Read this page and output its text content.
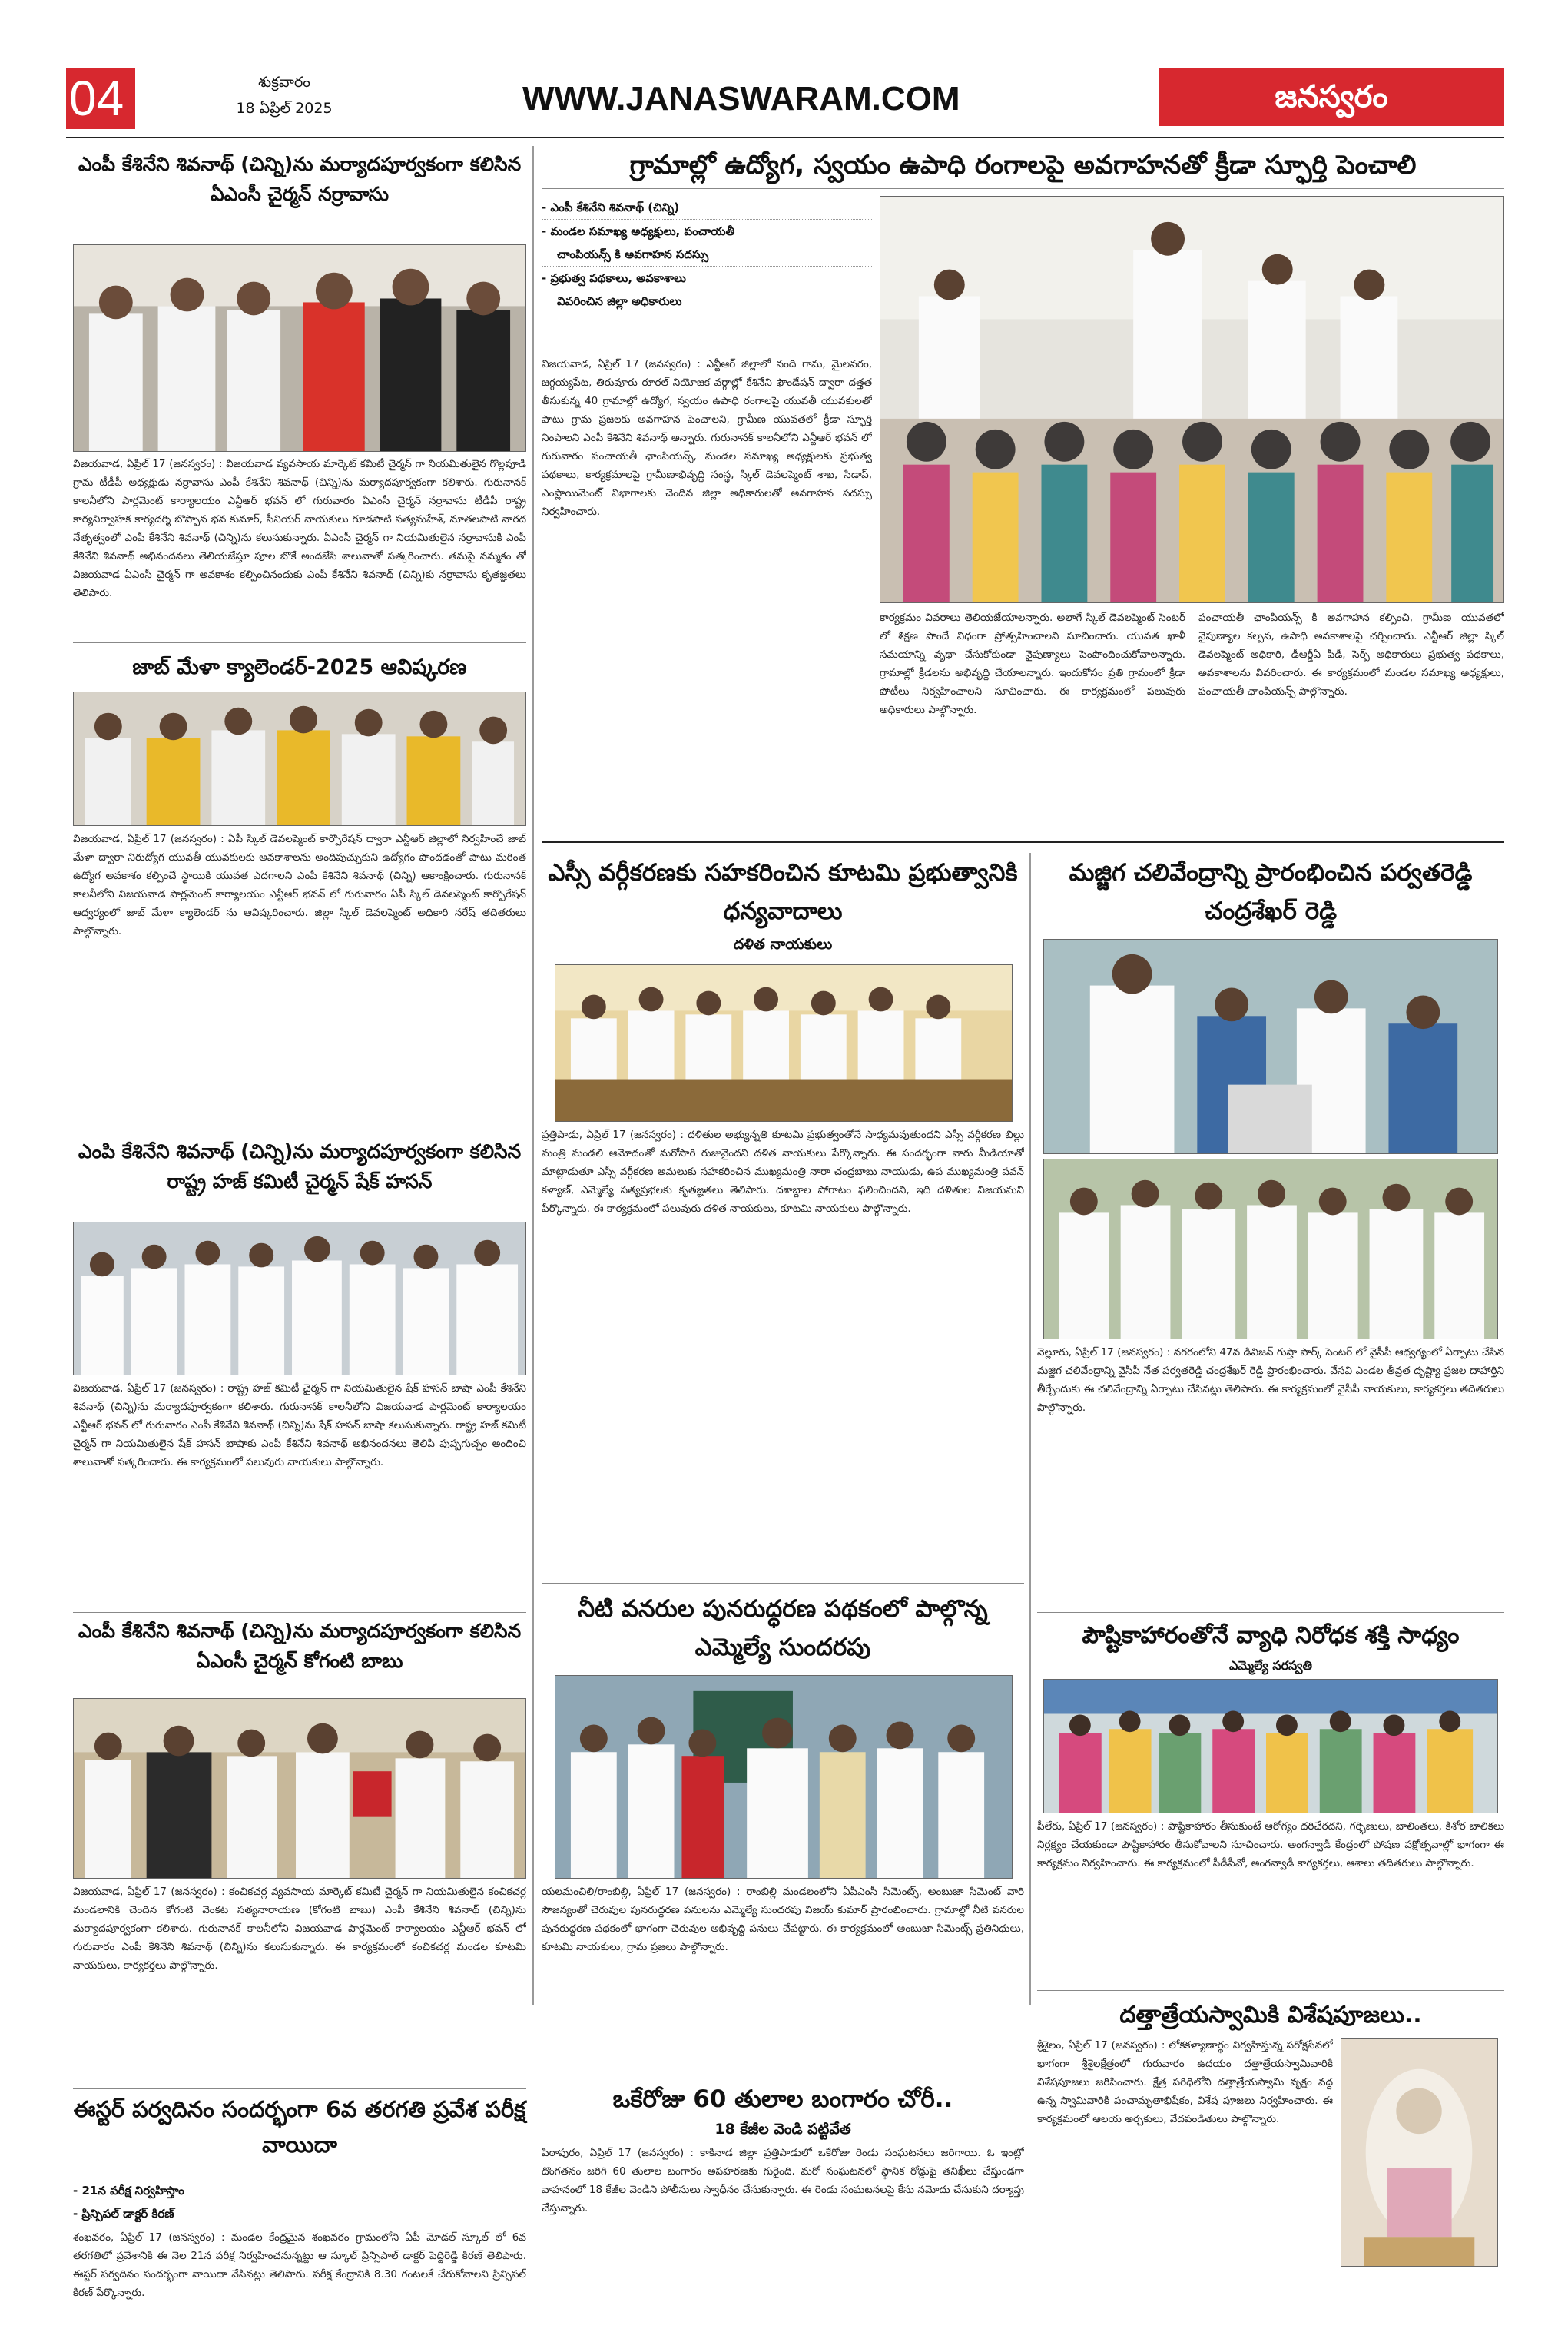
04	శుక్రవారం
18 ఏప్రిల్ 2025	WWW.JANASWARAM.COM	జనస్వరం
ఎంపీ కేశినేని శివనాథ్ (చిన్ని)ను మర్యాదపూర్వకంగా కలిసిన ఏఎంసీ చైర్మన్ నర్రావాసు
విజయవాడ, ఏప్రిల్ 17 (జనస్వరం) : విజయవాడ వ్యవసాయ మార్కెట్ కమిటీ చైర్మన్ గా నియమితులైన గొల్లపూడి గ్రామ టీడీపీ అధ్యక్షుడు నర్రావాసు ఎంపీ కేశినేని శివనాథ్ (చిన్ని)ను మర్యాదపూర్వకంగా కలిశారు. గురునానక్ కాలనీలోని పార్లమెంట్ కార్యాలయం ఎన్టీఆర్ భవన్ లో గురువారం ఏఎంసీ చైర్మన్ నర్రావాసు టీడీపీ రాష్ట్ర కార్యనిర్వాహక కార్యదర్శి బొప్పాన భవ కుమార్, సీనియర్ నాయకులు గూడపాటి సత్యమహేశ్, నూతలపాటి నారద నేతృత్వంలో ఎంపీ కేశినేని శివనాథ్ (చిన్ని)ను కలుసుకున్నారు. ఏఎంసీ చైర్మన్ గా నియమితులైన నర్రావాసుకి ఎంపీ కేశినేని శివనాథ్ అభినందనలు తెలియజేస్తూ పూల బొకే అందజేసి శాలువాతో సత్కరించారు. తమపై నమ్మకం తో విజయవాడ ఏఎంసీ చైర్మన్ గా అవకాశం కల్పించినందుకు ఎంపీ కేశినేని శివనాథ్ (చిన్ని)కు నర్రావాసు కృతజ్ఞతలు తెలిపారు.
జాబ్ మేళా క్యాలెండర్-2025 ఆవిష్కరణ
విజయవాడ, ఏప్రిల్ 17 (జనస్వరం) : ఏపీ స్కిల్ డెవలప్మెంట్ కార్పొరేషన్ ద్వారా ఎన్టీఆర్ జిల్లాలో నిర్వహించే జాబ్ మేళా ద్వారా నిరుద్యోగ యువతీ యువకులకు అవకాశాలను అందిపుచ్చుకుని ఉద్యోగం పొందడంతో పాటు మరింత ఉద్యోగ అవకాశం కల్పించే స్థాయికి యువత ఎదగాలని ఎంపీ కేశినేని శివనాథ్ (చిన్ని) ఆకాంక్షించారు. గురునానక్ కాలనీలోని విజయవాడ పార్లమెంట్ కార్యాలయం ఎన్టీఆర్ భవన్ లో గురువారం ఏపీ స్కిల్ డెవలప్మెంట్ కార్పొరేషన్ ఆధ్వర్యంలో జాబ్ మేళా క్యాలెండర్ ను ఆవిష్కరించారు. జిల్లా స్కిల్ డెవలప్మెంట్ అధికారి నరేష్ తదితరులు పాల్గొన్నారు.
ఎంపి కేశినేని శివనాథ్ (చిన్ని)ను మర్యాదపూర్వకంగా కలిసిన రాష్ట్ర హజ్ కమిటీ చైర్మన్ షేక్ హసన్
విజయవాడ, ఏప్రిల్ 17 (జనస్వరం) : రాష్ట్ర హజ్ కమిటీ చైర్మన్ గా నియమితులైన షేక్ హసన్ బాషా ఎంపీ కేశినేని శివనాథ్ (చిన్ని)ను మర్యాదపూర్వకంగా కలిశారు. గురునానక్ కాలనీలోని విజయవాడ పార్లమెంట్ కార్యాలయం ఎన్టీఆర్ భవన్ లో గురువారం ఎంపీ కేశినేని శివనాథ్ (చిన్ని)ను షేక్ హసన్ బాషా కలుసుకున్నారు. రాష్ట్ర హజ్ కమిటీ చైర్మన్ గా నియమితులైన షేక్ హసన్ బాషాకు ఎంపీ కేశినేని శివనాథ్ అభినందనలు తెలిపి పుష్పగుచ్ఛం అందించి శాలువాతో సత్కరించారు. ఈ కార్యక్రమంలో పలువురు నాయకులు పాల్గొన్నారు.
ఎంపీ కేశినేని శివనాథ్ (చిన్ని)ను మర్యాదపూర్వకంగా కలిసిన ఏఎంసీ చైర్మన్ కోగంటి బాబు
విజయవాడ, ఏప్రిల్ 17 (జనస్వరం) : కంచికచర్ల వ్యవసాయ మార్కెట్ కమిటీ చైర్మన్ గా నియమితులైన కంచికచర్ల మండలానికి చెందిన కోగంటి వెంకట సత్యనారాయణ (కోగంటి బాబు) ఎంపీ కేశినేని శివనాథ్ (చిన్ని)ను మర్యాదపూర్వకంగా కలిశారు. గురునానక్ కాలనీలోని విజయవాడ పార్లమెంట్ కార్యాలయం ఎన్టీఆర్ భవన్ లో గురువారం ఎంపీ కేశినేని శివనాథ్ (చిన్ని)ను కలుసుకున్నారు. ఈ కార్యక్రమంలో కంచికచర్ల మండల కూటమి నాయకులు, కార్యకర్తలు పాల్గొన్నారు.
ఈస్టర్ పర్వదినం సందర్భంగా 6వ తరగతి ప్రవేశ పరీక్ష వాయిదా
- 21న పరీక్ష నిర్వహిస్తాం
- ప్రిన్సిపల్ డాక్టర్ కిరణ్
శంఖవరం, ఏప్రిల్ 17 (జనస్వరం) : మండల కేంద్రమైన శంఖవరం గ్రామంలోని ఏపీ మోడల్ స్కూల్ లో 6వ తరగతిలో ప్రవేశానికి ఈ నెల 21న పరీక్ష నిర్వహించనున్నట్టు ఆ స్కూల్ ప్రిన్సిపాల్ డాక్టర్ పెద్దిరెడ్డి కిరణ్ తెలిపారు. ఈస్టర్ పర్వదినం సందర్భంగా వాయిదా వేసినట్లు తెలిపారు. పరీక్ష కేంద్రానికి 8.30 గంటలకే చేరుకోవాలని ప్రిన్సిపల్ కిరణ్ పేర్కొన్నారు.
గ్రామాల్లో ఉద్యోగ, స్వయం ఉపాధి రంగాలపై అవగాహనతో క్రీడా స్ఫూర్తి పెంచాలి
- ఎంపీ కేశినేని శివనాథ్ (చిన్ని)
- మండల సమాఖ్య అధ్యక్షులు, పంచాయతీ
చాంపియన్స్ కి అవగాహన సదస్సు
- ప్రభుత్వ పథకాలు, అవకాశాలు
వివరించిన జిల్లా అధికారులు
విజయవాడ, ఏప్రిల్ 17 (జనస్వరం) : ఎన్టీఆర్ జిల్లాలో నంది గామ, మైలవరం, జగ్గయ్యపేట, తిరువూరు రూరల్ నియోజక వర్గాల్లో కేశినేని ఫౌండేషన్ ద్వారా దత్తత తీసుకున్న 40 గ్రామాల్లో ఉద్యోగ, స్వయం ఉపాధి రంగాలపై యువతీ యువకులతో పాటు గ్రామ ప్రజలకు అవగాహన పెంచాలని, గ్రామీణ యువతలో క్రీడా స్ఫూర్తి నింపాలని ఎంపీ కేశినేని శివనాథ్ అన్నారు. గురునానక్ కాలనీలోని ఎన్టీఆర్ భవన్ లో గురువారం పంచాయతీ ఛాంపియన్స్, మండల సమాఖ్య అధ్యక్షులకు ప్రభుత్వ పథకాలు, కార్యక్రమాలపై గ్రామీణాభివృద్ధి సంస్థ, స్కిల్ డెవలప్మెంట్ శాఖ, సిడాప్, ఎంప్లాయిమెంట్ విభాగాలకు చెందిన జిల్లా అధికారులతో అవగాహన సదస్సు నిర్వహించారు.
కార్యక్రమం వివరాలు తెలియజేయాలన్నారు. అలాగే స్కిల్ డెవలప్మెంట్ సెంటర్ లో శిక్షణ పొందే విధంగా ప్రోత్సహించాలని సూచించారు. యువత ఖాళీ సమయాన్ని వృథా చేసుకోకుండా నైపుణ్యాలు పెంపొందించుకోవాలన్నారు. గ్రామాల్లో క్రీడలను అభివృద్ధి చేయాలన్నారు. ఇందుకోసం ప్రతి గ్రామంలో క్రీడా పోటీలు నిర్వహించాలని సూచించారు. ఈ కార్యక్రమంలో పలువురు అధికారులు పాల్గొన్నారు.
పంచాయతీ ఛాంపియన్స్ కి అవగాహన కల్పించి, గ్రామీణ యువతలో నైపుణ్యాల కల్పన, ఉపాధి అవకాశాలపై చర్చించారు. ఎన్టీఆర్ జిల్లా స్కిల్ డెవలప్మెంట్ అధికారి, డీఆర్డీఏ పీడీ, సెర్ప్ అధికారులు ప్రభుత్వ పథకాలు, అవకాశాలను వివరించారు. ఈ కార్యక్రమంలో మండల సమాఖ్య అధ్యక్షులు, పంచాయతీ ఛాంపియన్స్ పాల్గొన్నారు.
ఎస్సీ వర్గీకరణకు సహకరించిన కూటమి ప్రభుత్వానికి ధన్యవాదాలు
దళిత నాయకులు
ప్రత్తిపాడు, ఏప్రిల్ 17 (జనస్వరం) : దళితుల అభ్యున్నతి కూటమి ప్రభుత్వంతోనే సాధ్యమవుతుందని ఎస్సీ వర్గీకరణ బిల్లు మంత్రి మండలి ఆమోదంతో మరోసారి రుజువైందని దళిత నాయకులు పేర్కొన్నారు. ఈ సందర్భంగా వారు మీడియాతో మాట్లాడుతూ ఎస్సీ వర్గీకరణ అమలుకు సహకరించిన ముఖ్యమంత్రి నారా చంద్రబాబు నాయుడు, ఉప ముఖ్యమంత్రి పవన్ కళ్యాణ్, ఎమ్మెల్యే సత్యప్రభలకు కృతజ్ఞతలు తెలిపారు. దశాబ్దాల పోరాటం ఫలించిందని, ఇది దళితుల విజయమని పేర్కొన్నారు. ఈ కార్యక్రమంలో పలువురు దళిత నాయకులు, కూటమి నాయకులు పాల్గొన్నారు.
నీటి వనరుల పునరుద్ధరణ పథకంలో పాల్గొన్న ఎమ్మెల్యే సుందరపు
యలమంచిలి/రాంబిల్లి, ఏప్రిల్ 17 (జనస్వరం) : రాంబిల్లి మండలంలోని ఏపీఎంసీ సిమెంట్స్, అంబుజా సిమెంట్ వారి సౌజన్యంతో చెరువుల పునరుద్ధరణ పనులను ఎమ్మెల్యే సుందరపు విజయ్ కుమార్ ప్రారంభించారు. గ్రామాల్లో నీటి వనరుల పునరుద్ధరణ పథకంలో భాగంగా చెరువుల అభివృద్ధి పనులు చేపట్టారు. ఈ కార్యక్రమంలో అంబుజా సిమెంట్స్ ప్రతినిధులు, కూటమి నాయకులు, గ్రామ ప్రజలు పాల్గొన్నారు.
ఒకేరోజు 60 తులాల బంగారం చోరీ..
18 కేజీల వెండి పట్టివేత
పిఠాపురం, ఏప్రిల్ 17 (జనస్వరం) : కాకినాడ జిల్లా ప్రత్తిపాడులో ఒకేరోజు రెండు సంఘటనలు జరిగాయి. ఓ ఇంట్లో దొంగతనం జరిగి 60 తులాల బంగారం అపహరణకు గురైంది. మరో సంఘటనలో స్థానిక రోడ్డుపై తనిఖీలు చేస్తుండగా వాహనంలో 18 కేజీల వెండిని పోలీసులు స్వాధీనం చేసుకున్నారు. ఈ రెండు సంఘటనలపై కేసు నమోదు చేసుకుని దర్యాప్తు చేస్తున్నారు.
మజ్జిగ చలివేంద్రాన్ని ప్రారంభించిన పర్వతరెడ్డి చంద్రశేఖర్ రెడ్డి
నెల్లూరు, ఏప్రిల్ 17 (జనస్వరం) : నగరంలోని 47వ డివిజన్ గుప్తా పార్క్ సెంటర్ లో వైసీపీ ఆధ్వర్యంలో ఏర్పాటు చేసిన మజ్జిగ చలివేంద్రాన్ని వైసీపీ నేత పర్వతరెడ్డి చంద్రశేఖర్ రెడ్డి ప్రారంభించారు. వేసవి ఎండల తీవ్రత దృష్ట్యా ప్రజల దాహార్తిని తీర్చేందుకు ఈ చలివేంద్రాన్ని ఏర్పాటు చేసినట్లు తెలిపారు. ఈ కార్యక్రమంలో వైసీపీ నాయకులు, కార్యకర్తలు తదితరులు పాల్గొన్నారు.
పౌష్టికాహారంతోనే వ్యాధి నిరోధక శక్తి సాధ్యం
ఎమ్మెల్యే సరస్వతి
పీలేరు, ఏప్రిల్ 17 (జనస్వరం) : పౌష్టికాహారం తీసుకుంటే ఆరోగ్యం దరిచేరదని, గర్భిణులు, బాలింతలు, కిశోర బాలికలు నిర్లక్ష్యం చేయకుండా పౌష్టికాహారం తీసుకోవాలని సూచించారు. అంగన్వాడీ కేంద్రంలో పోషణ పక్షోత్సవాల్లో భాగంగా ఈ కార్యక్రమం నిర్వహించారు. ఈ కార్యక్రమంలో సీడీపీవో, అంగన్వాడీ కార్యకర్తలు, ఆశాలు తదితరులు పాల్గొన్నారు.
దత్తాత్రేయస్వామికి విశేషపూజలు..
శ్రీశైలం, ఏప్రిల్ 17 (జనస్వరం) : లోకకళ్యాణార్థం నిర్వహిస్తున్న పరోక్షసేవలో భాగంగా శ్రీశైలక్షేత్రంలో గురువారం ఉదయం దత్తాత్రేయస్వామివారికి విశేషపూజలు జరిపించారు. క్షేత్ర పరిధిలోని దత్తాత్రేయస్వామి వృక్షం వద్ద ఉన్న స్వామివారికి పంచామృతాభిషేకం, విశేష పూజలు నిర్వహించారు. ఈ కార్యక్రమంలో ఆలయ అర్చకులు, వేదపండితులు పాల్గొన్నారు.
